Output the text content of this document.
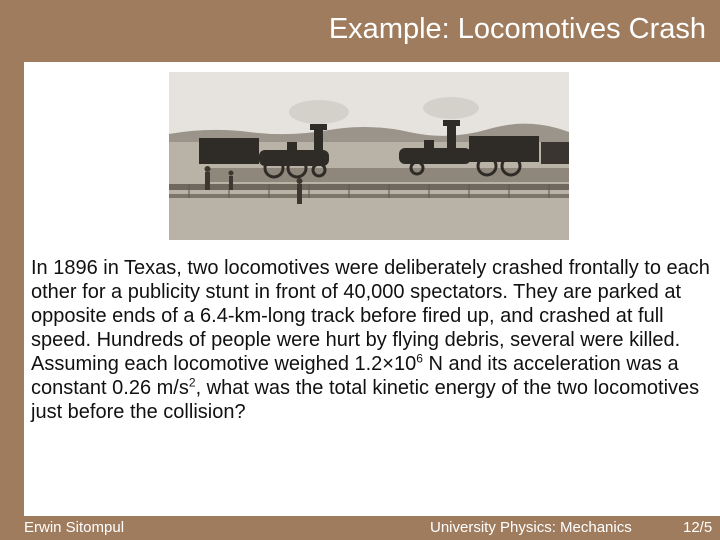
Example: Locomotives Crash

In 1896 in Texas, two locomotives were deliberately crashed frontally to each other for a publicity stunt in front of 40,000 spectators. They are parked at opposite ends of a 6.4-km-long track before fired up, and crashed at full speed. Hundreds of people were hurt by flying debris, several were killed.

Assuming each locomotive weighed $1.2\times 10^6$ N and its acceleration was a constant 0.26 $m/s^2$, what was the total kinetic energy of the two locomotives just before the collision?

Erwin Sitompul	University Physics: Mechanics	12/5
